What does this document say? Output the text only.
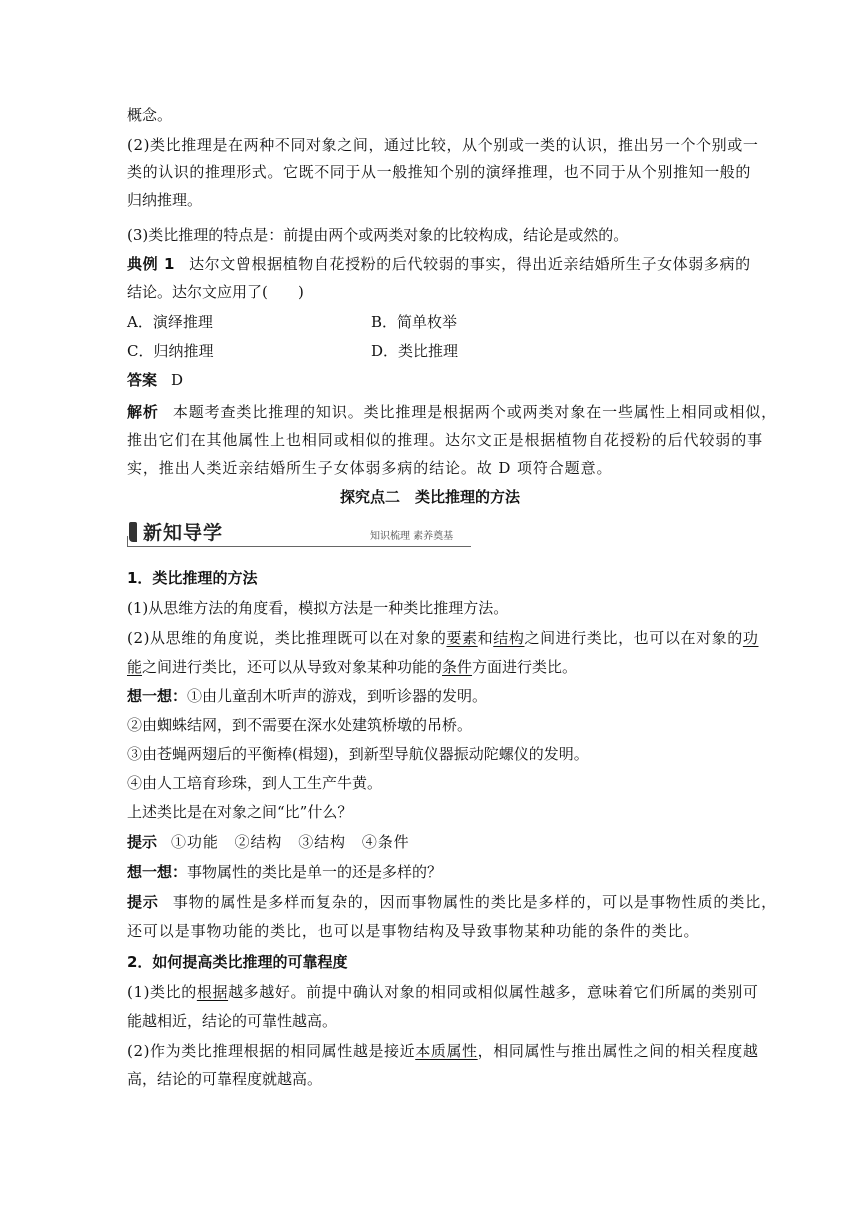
概念。
(2)类比推理是在两种不同对象之间，通过比较，从个别或一类的认识，推出另一个个别或一
类的认识的推理形式。它既不同于从一般推知个别的演绎推理，也不同于从个别推知一般的
归纳推理。
(3)类比推理的特点是：前提由两个或两类对象的比较构成，结论是或然的。
典例 1 达尔文曾根据植物自花授粉的后代较弱的事实，得出近亲结婚所生子女体弱多病的
结论。达尔文应用了( )
A．演绎推理	B．简单枚举
C．归纳推理	D．类比推理
答案 D
解析 本题考查类比推理的知识。类比推理是根据两个或两类对象在一些属性上相同或相似，
推出它们在其他属性上也相同或相似的推理。达尔文正是根据植物自花授粉的后代较弱的事
实，推出人类近亲结婚所生子女体弱多病的结论。故 D 项符合题意。
探究点二　类比推理的方法
新知导学	知识梳理 素养奠基
1．类比推理的方法
(1)从思维方法的角度看，模拟方法是一种类比推理方法。
(2)从思维的角度说，类比推理既可以在对象的要素和结构之间进行类比，也可以在对象的功
能之间进行类比，还可以从导致对象某种功能的条件方面进行类比。
想一想：①由儿童刮木听声的游戏，到听诊器的发明。
②由蜘蛛结网，到不需要在深水处建筑桥墩的吊桥。
③由苍蝇两翅后的平衡棒(楫翅)，到新型导航仪器振动陀螺仪的发明。
④由人工培育珍珠，到人工生产牛黄。
上述类比是在对象之间“比”什么？
提示 ①功能　②结构　③结构　④条件
想一想：事物属性的类比是单一的还是多样的？
提示 事物的属性是多样而复杂的，因而事物属性的类比是多样的，可以是事物性质的类比，
还可以是事物功能的类比，也可以是事物结构及导致事物某种功能的条件的类比。
2．如何提高类比推理的可靠程度
(1)类比的根据越多越好。前提中确认对象的相同或相似属性越多，意味着它们所属的类别可
能越相近，结论的可靠性越高。
(2)作为类比推理根据的相同属性越是接近本质属性，相同属性与推出属性之间的相关程度越
高，结论的可靠程度就越高。
